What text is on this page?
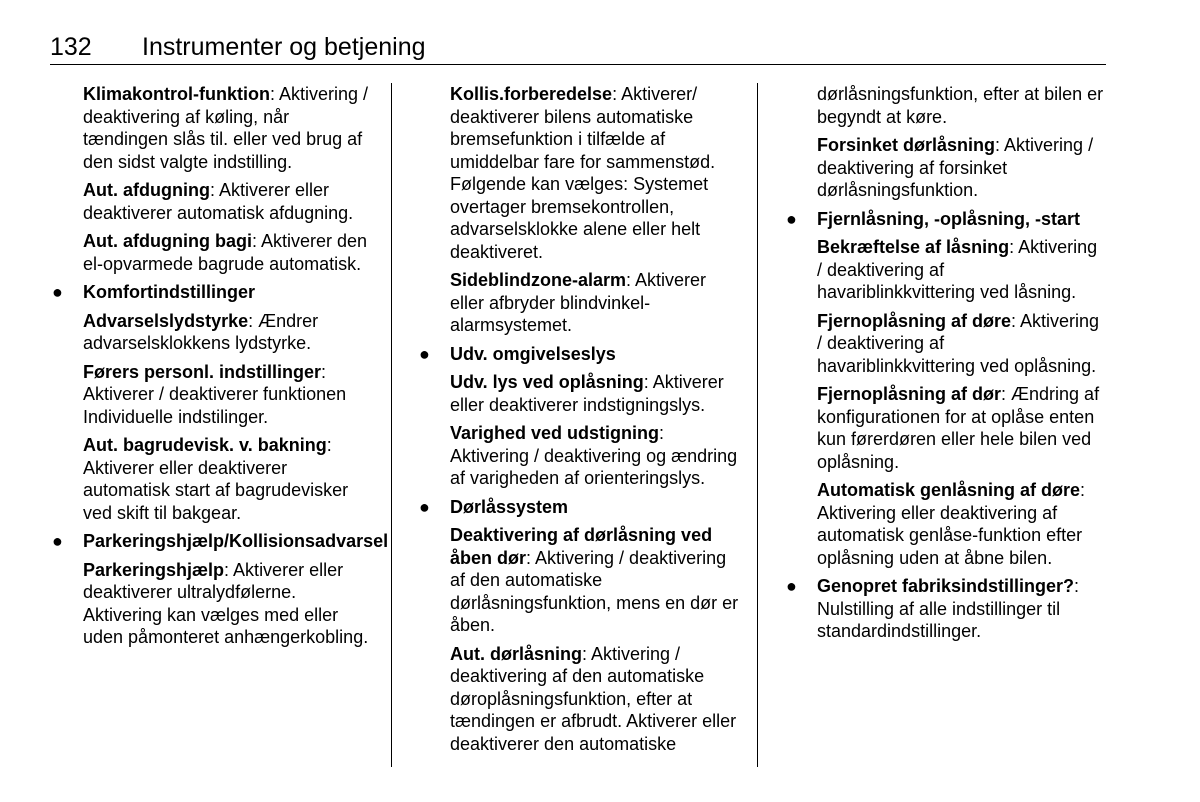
132 Instrumenter og betjening

Klimakontrol-funktion: Aktivering / deaktivering af køling, når tændingen slås til. eller ved brug af den sidst valgte indstilling.

Aut. afdugning: Aktiverer eller deaktiverer automatisk afdugning.

Aut. afdugning bagi: Aktiverer den el-opvarmede bagrude automatisk.

● Komfortindstillinger

Advarselslydstyrke: Ændrer advarselsklokkens lydstyrke.

Førers personl. indstillinger: Aktiverer / deaktiverer funktionen Individuelle indstilinger.

Aut. bagrudevisk. v. bakning: Aktiverer eller deaktiverer automatisk start af bagrudevisker ved skift til bakgear.

● Parkeringshjælp/Kollisionsadvarsel

Parkeringshjælp: Aktiverer eller deaktiverer ultralydfølerne. Aktivering kan vælges med eller uden påmonteret anhængerkobling.

Kollis.forberedelse: Aktiverer/ deaktiverer bilens automatiske bremsefunktion i tilfælde af umiddelbar fare for sammenstød. Følgende kan vælges: Systemet overtager bremsekontrollen, advarselsklokke alene eller helt deaktiveret.

Sideblindzone-alarm: Aktiverer eller afbryder blindvinkel-alarmsystemet.

● Udv. omgivelseslys

Udv. lys ved oplåsning: Aktiverer eller deaktiverer indstigningslys.

Varighed ved udstigning: Aktivering / deaktivering og ændring af varigheden af orienteringslys.

● Dørlåssystem

Deaktivering af dørlåsning ved åben dør: Aktivering / deaktivering af den automatiske dørlåsningsfunktion, mens en dør er åben.

Aut. dørlåsning: Aktivering / deaktivering af den automatiske døroplåsningsfunktion, efter at tændingen er afbrudt. Aktiverer eller deaktiverer den automatiske

dørlåsningsfunktion, efter at bilen er begyndt at køre.

Forsinket dørlåsning: Aktivering / deaktivering af forsinket dørlåsningsfunktion.

● Fjernlåsning, -oplåsning, -start

Bekræftelse af låsning: Aktivering / deaktivering af havariblinkkvittering ved låsning.

Fjernoplåsning af døre: Aktivering / deaktivering af havariblinkkvittering ved oplåsning.

Fjernoplåsning af dør: Ændring af konfigurationen for at oplåse enten kun førerdøren eller hele bilen ved oplåsning.

Automatisk genlåsning af døre: Aktivering eller deaktivering af automatisk genlåse-funktion efter oplåsning uden at åbne bilen.

● Genopret fabriksindstillinger?: Nulstilling af alle indstillinger til standardindstillinger.
